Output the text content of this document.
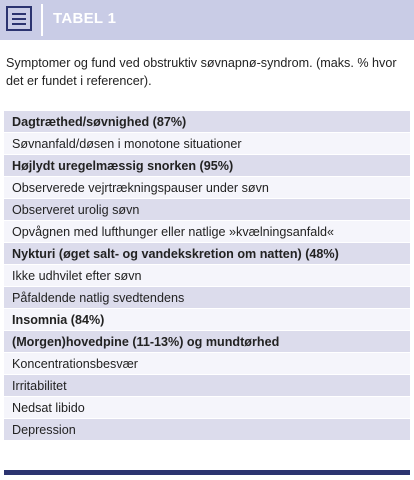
TABEL 1
Symptomer og fund ved obstruktiv søvnapnø-syndrom. (maks. % hvor det er fundet i referencer).
Dagtræthed/søvnighed (87%)
Søvnanfald/døsen i monotone situationer
Højlydt uregelmæssig snorken (95%)
Observerede vejrtrækningspauser under søvn
Observeret urolig søvn
Opvågnen med lufthunger eller natlige »kvælningsanfald«
Nykturi (øget salt- og vandekskretion om natten) (48%)
Ikke udhvilet efter søvn
Påfaldende natlig svedtendens
Insomnia (84%)
(Morgen)hovedpine (11-13%) og mundtørhed
Koncentrationsbesvær
Irritabilitet
Nedsat libido
Depression
